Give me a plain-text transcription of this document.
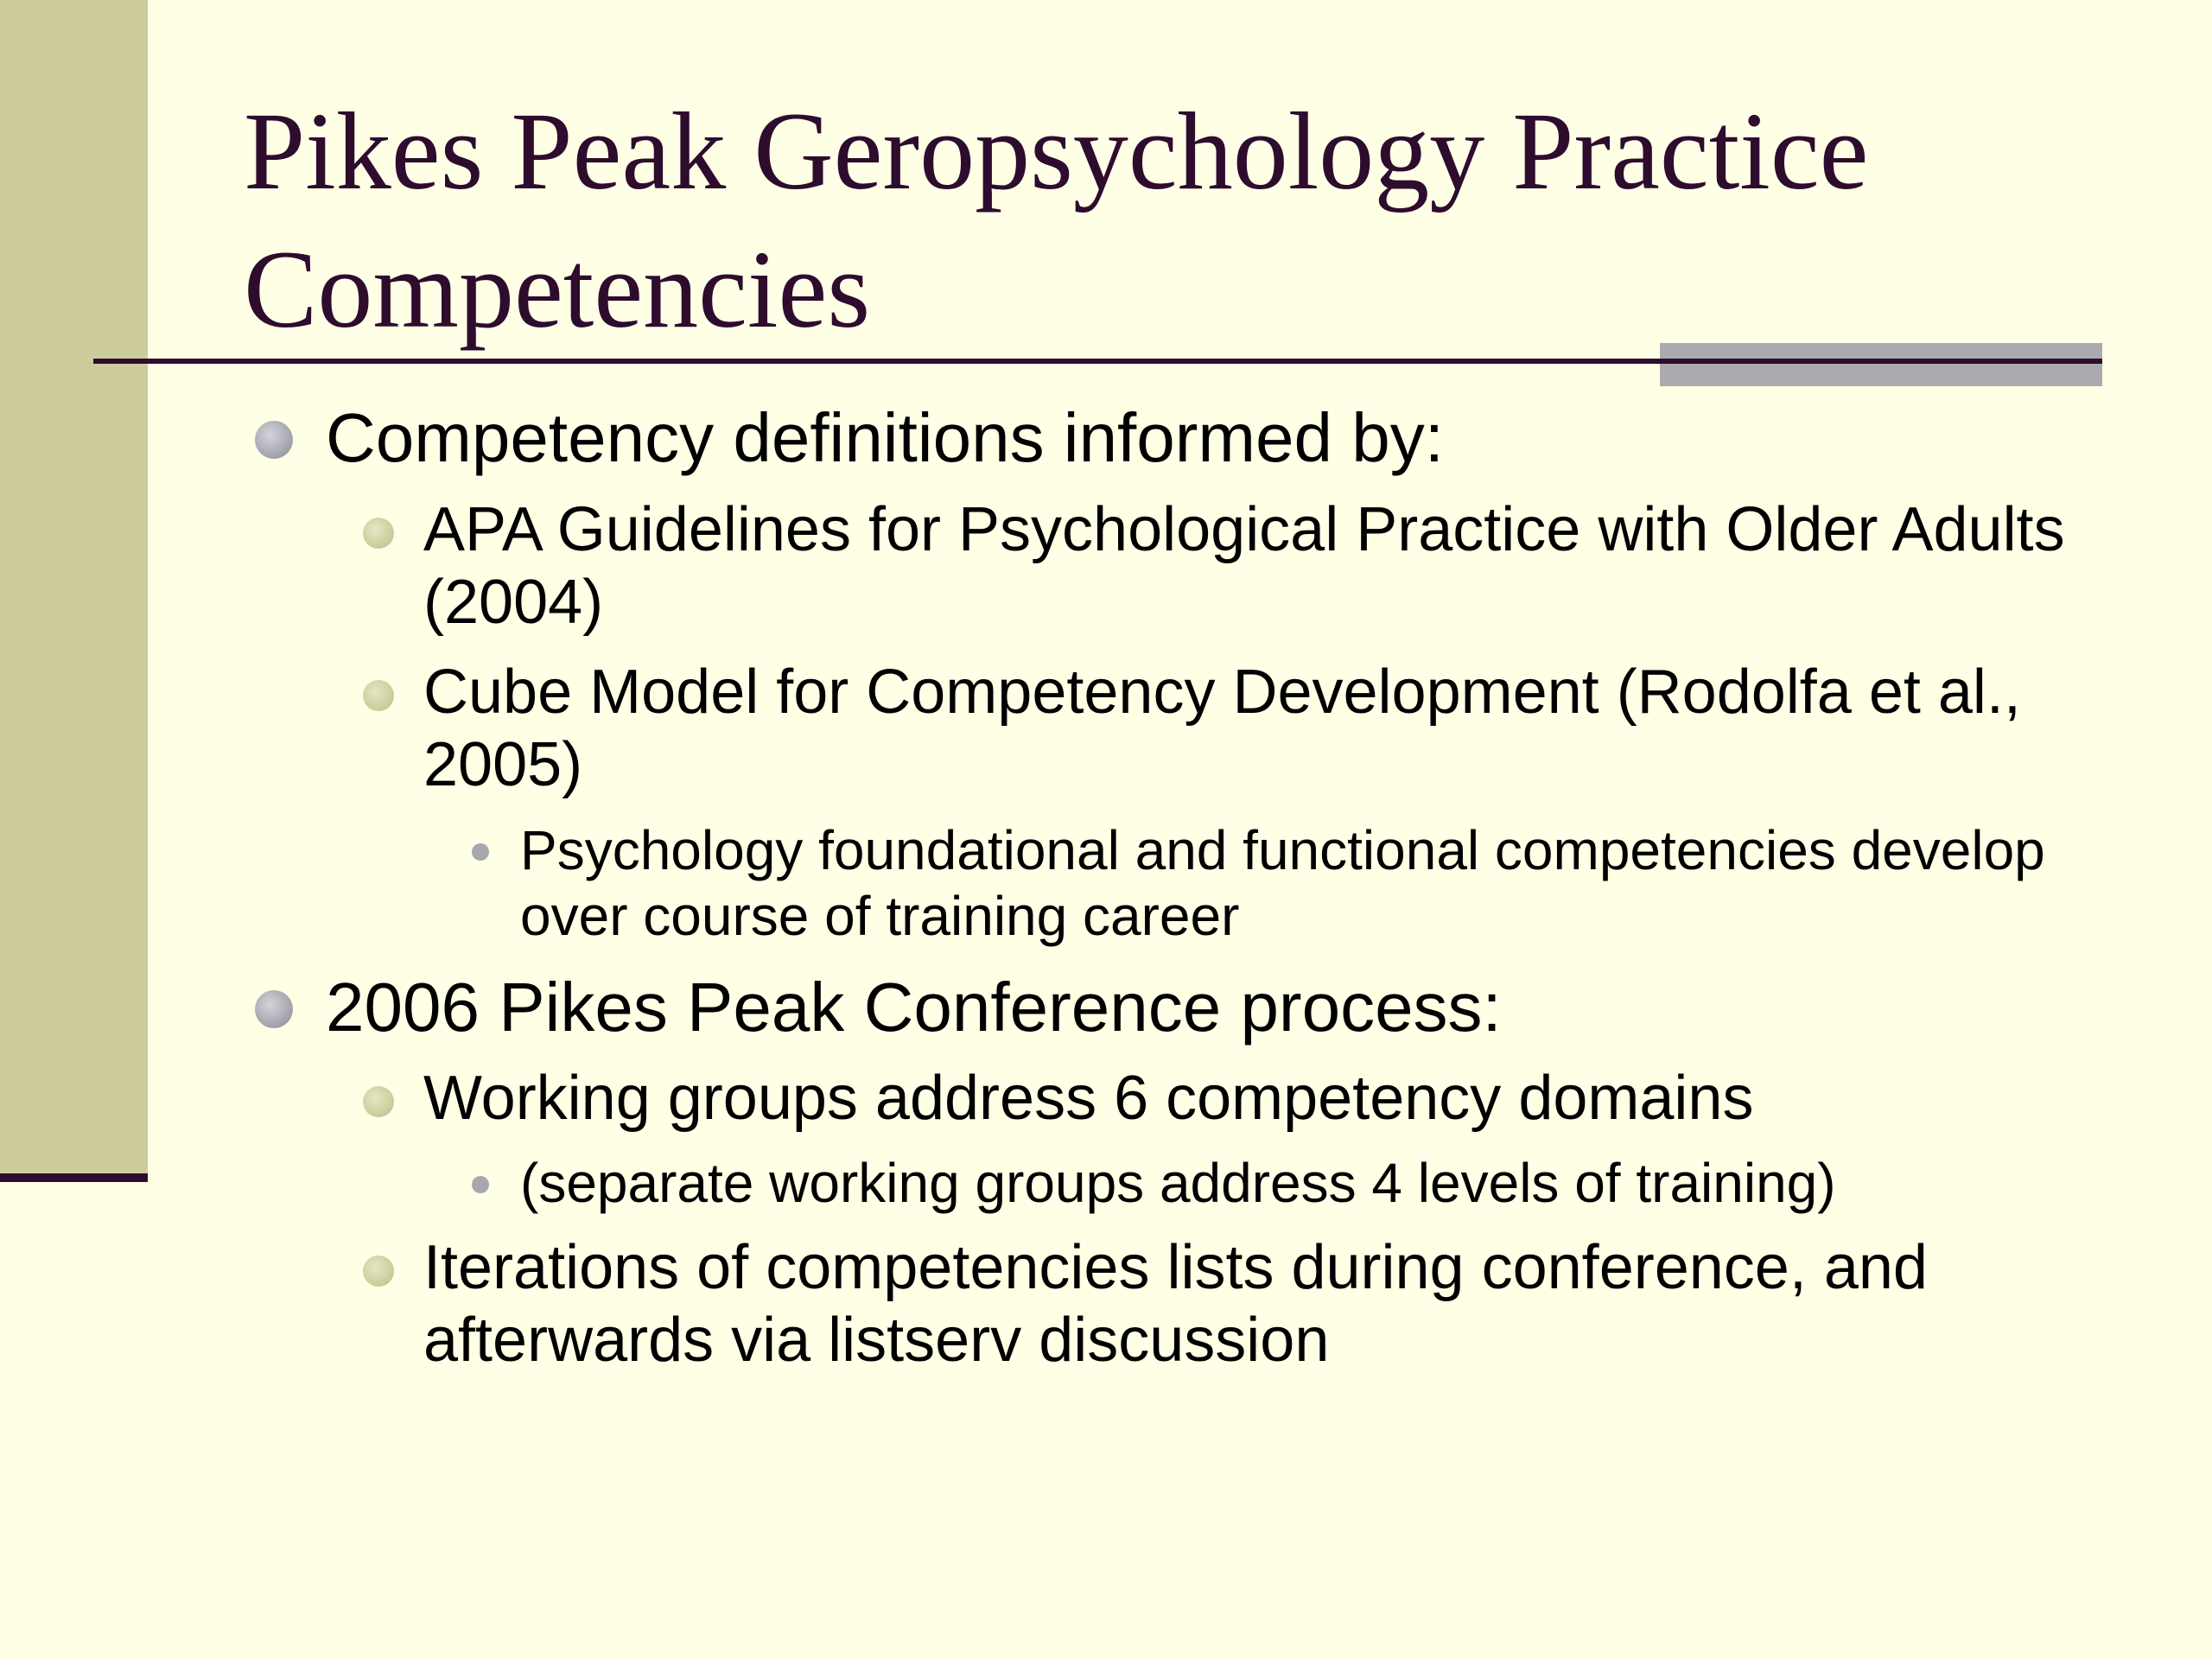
Pikes Peak Geropsychology Practice Competencies
Competency definitions informed by:
APA Guidelines for Psychological Practice with Older Adults (2004)
Cube Model for Competency Development (Rodolfa et al., 2005)
Psychology foundational and functional competencies develop over course of training career
2006 Pikes Peak Conference process:
Working groups address 6 competency domains
(separate working groups address 4 levels of training)
Iterations of competencies lists during conference, and afterwards via listserv discussion
